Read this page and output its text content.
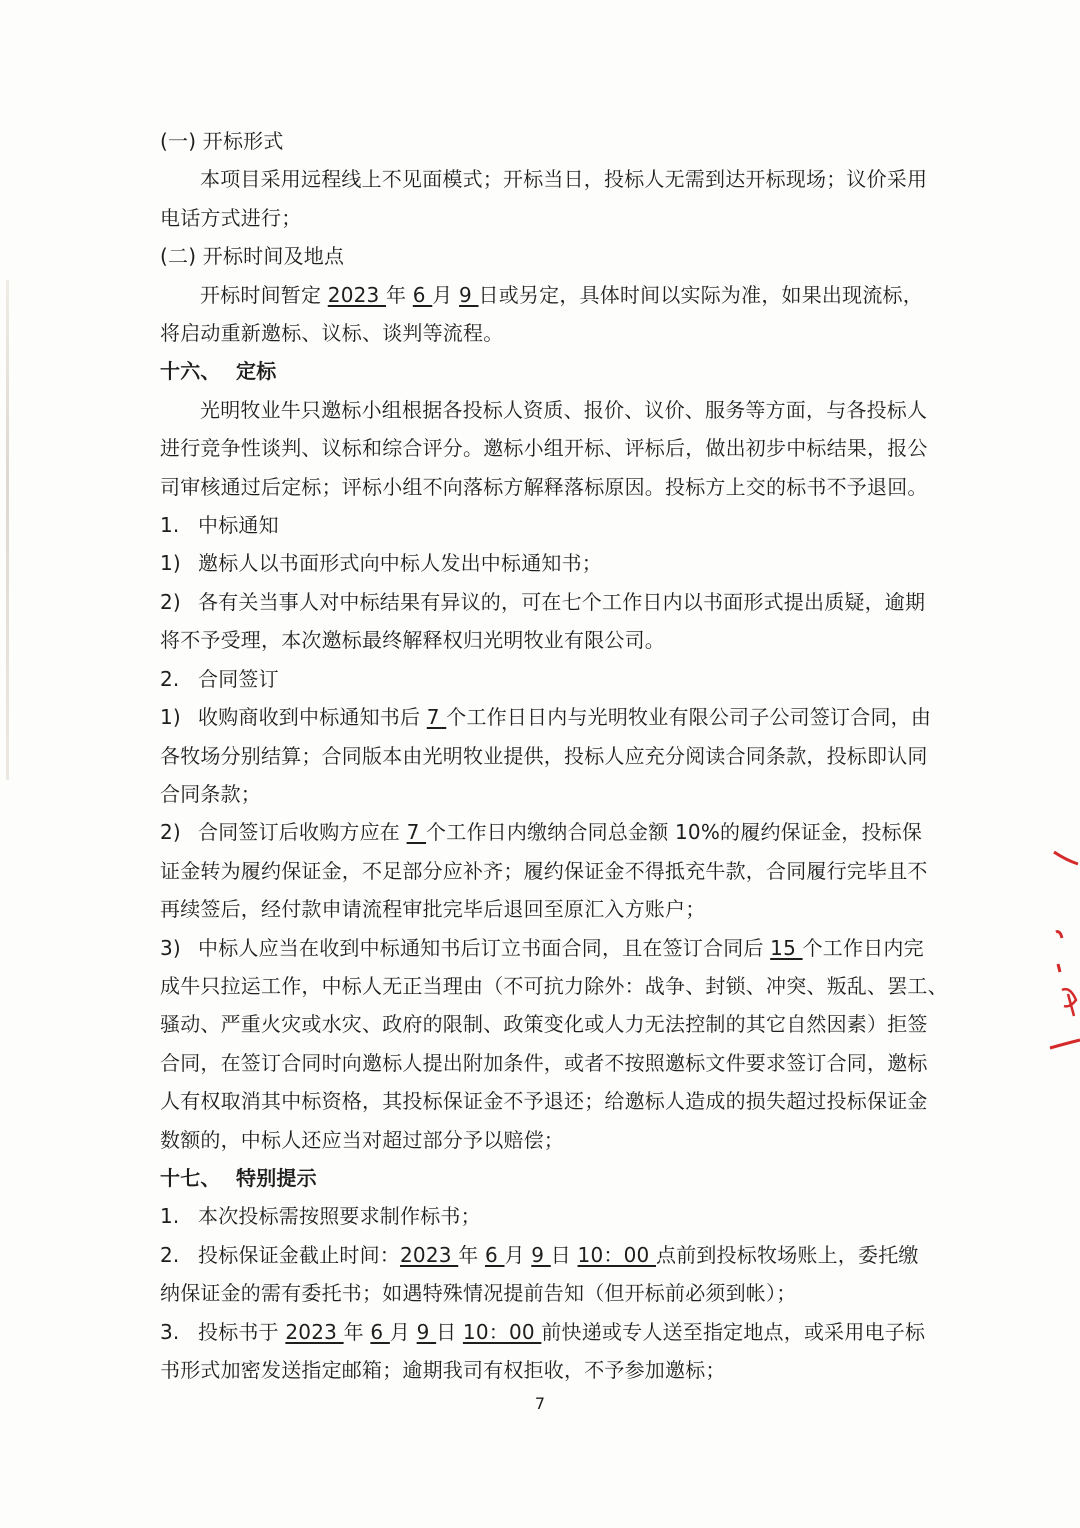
(一) 开标形式

本项目采用远程线上不见面模式；开标当日，投标人无需到达开标现场；议价采用

电话方式进行；

(二) 开标时间及地点

开标时间暂定 2023 年 6 月 9 日或另定，具体时间以实际为准，如果出现流标，

将启动重新邀标、议标、谈判等流程。

十六、 定标

光明牧业牛只邀标小组根据各投标人资质、报价、议价、服务等方面，与各投标人

进行竞争性谈判、议标和综合评分。邀标小组开标、评标后，做出初步中标结果，报公

司审核通过后定标；评标小组不向落标方解释落标原因。投标方上交的标书不予退回。

1. 中标通知

1) 邀标人以书面形式向中标人发出中标通知书；

2) 各有关当事人对中标结果有异议的，可在七个工作日内以书面形式提出质疑，逾期

将不予受理，本次邀标最终解释权归光明牧业有限公司。

2. 合同签订

1) 收购商收到中标通知书后 7 个工作日日内与光明牧业有限公司子公司签订合同，由

各牧场分别结算；合同版本由光明牧业提供，投标人应充分阅读合同条款，投标即认同

合同条款；

2) 合同签订后收购方应在 7 个工作日内缴纳合同总金额 10%的履约保证金，投标保

证金转为履约保证金，不足部分应补齐；履约保证金不得抵充牛款，合同履行完毕且不

再续签后，经付款申请流程审批完毕后退回至原汇入方账户；

3) 中标人应当在收到中标通知书后订立书面合同，且在签订合同后 15 个工作日内完

成牛只拉运工作，中标人无正当理由（不可抗力除外：战争、封锁、冲突、叛乱、罢工、

骚动、严重火灾或水灾、政府的限制、政策变化或人力无法控制的其它自然因素）拒签

合同，在签订合同时向邀标人提出附加条件，或者不按照邀标文件要求签订合同，邀标

人有权取消其中标资格，其投标保证金不予退还；给邀标人造成的损失超过投标保证金

数额的，中标人还应当对超过部分予以赔偿；

十七、 特别提示

1. 本次投标需按照要求制作标书；

2. 投标保证金截止时间：2023 年 6 月 9 日 10：00 点前到投标牧场账上，委托缴

纳保证金的需有委托书；如遇特殊情况提前告知（但开标前必须到帐）；

3. 投标书于 2023 年 6 月 9 日 10：00 前快递或专人送至指定地点，或采用电子标

书形式加密发送指定邮箱；逾期我司有权拒收，不予参加邀标；

7
